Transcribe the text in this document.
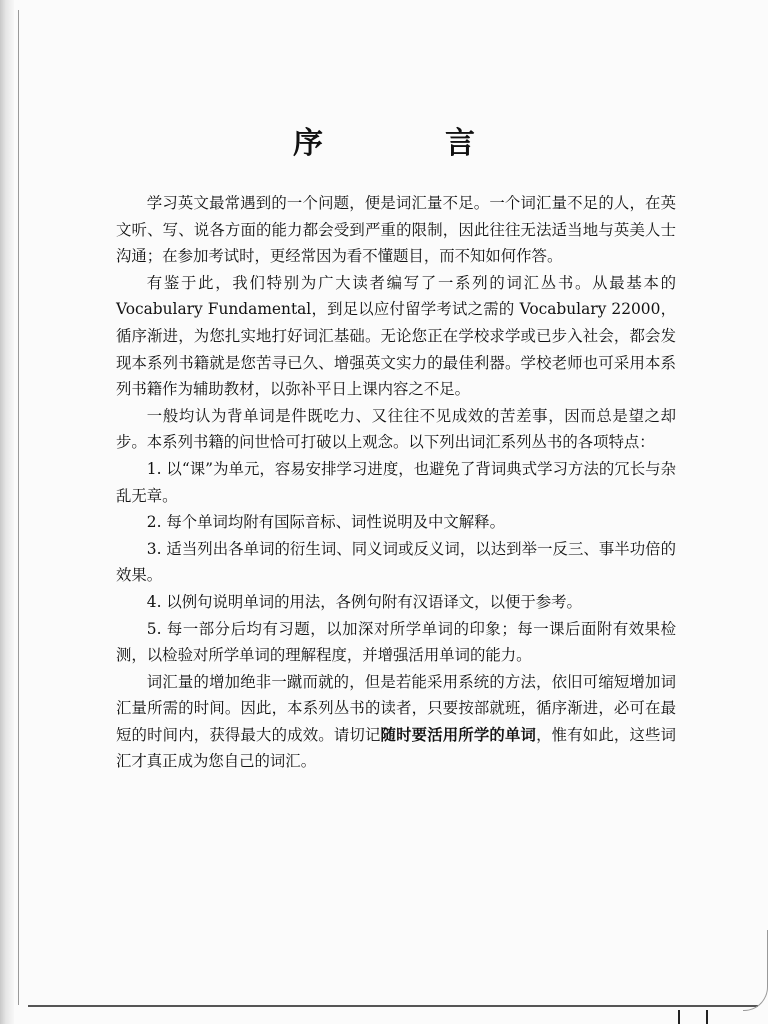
序　言

学习英文最常遇到的一个问题，便是词汇量不足。一个词汇量不足的人，在英文听、写、说各方面的能力都会受到严重的限制，因此往往无法适当地与英美人士沟通；在参加考试时，更经常因为看不懂题目，而不知如何作答。

有鉴于此，我们特别为广大读者编写了一系列的词汇丛书。从最基本的 Vocabulary Fundamental，到足以应付留学考试之需的 Vocabulary 22000，循序渐进，为您扎实地打好词汇基础。无论您正在学校求学或已步入社会，都会发现本系列书籍就是您苦寻已久、增强英文实力的最佳利器。学校老师也可采用本系列书籍作为辅助教材，以弥补平日上课内容之不足。

一般均认为背单词是件既吃力、又往往不见成效的苦差事，因而总是望之却步。本系列书籍的问世恰可打破以上观念。以下列出词汇系列丛书的各项特点：

1. 以“课”为单元，容易安排学习进度，也避免了背词典式学习方法的冗长与杂乱无章。

2. 每个单词均附有国际音标、词性说明及中文解释。

3. 适当列出各单词的衍生词、同义词或反义词，以达到举一反三、事半功倍的效果。

4. 以例句说明单词的用法，各例句附有汉语译文，以便于参考。

5. 每一部分后均有习题，以加深对所学单词的印象；每一课后面附有效果检测，以检验对所学单词的理解程度，并增强活用单词的能力。

词汇量的增加绝非一蹴而就的，但是若能采用系统的方法，依旧可缩短增加词汇量所需的时间。因此，本系列丛书的读者，只要按部就班，循序渐进，必可在最短的时间内，获得最大的成效。请切记随时要活用所学的单词，惟有如此，这些词汇才真正成为您自己的词汇。
